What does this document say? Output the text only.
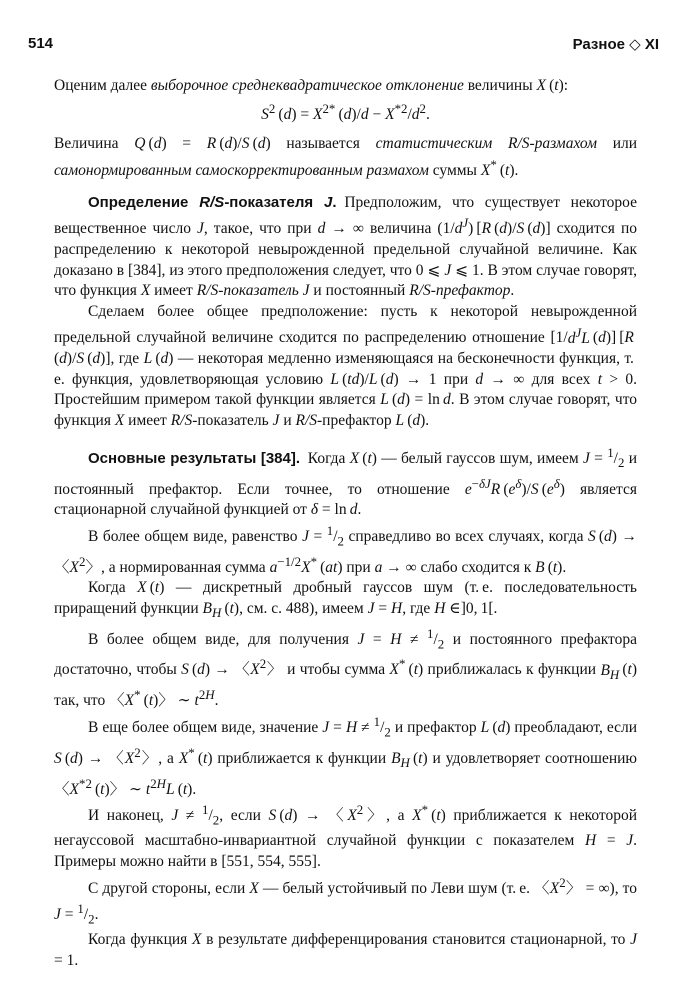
514	Разное ◇ XI

Оценим далее выборочное среднеквадратическое отклонение величины X (t):

$S^2$ $(d) = X^{2*}$ $(d)/d - X^{*2}/d^2$.

Величина Q (d) = R (d)/S (d) называется статистическим R/S-размахом или самонормированным самоскорректированным размахом суммы X* (t).

Определение R/S-показателя J.  Предположим, что существует некоторое вещественное число J, такое, что при d → ∞ величина $(1/d^J)$ [R (d)/S (d)] сходится по распределению к некоторой невырожденной предельной случайной величине. Как доказано в [384], из этого предположения следует, что 0 ⩽ J ⩽ 1. В этом случае говорят, что функция X имеет R/S-показатель J и постоянный R/S-префактор.

Сделаем более общее предположение: пусть к некоторой невырожденной предельной случайной величине сходится по распределению отношение [$1/d^JL$ (d)] [R (d)/S (d)], где L (d) — некоторая медленно изменяющаяся на бесконечности функция, т. е. функция, удовлетворяющая условию L (td)/L (d) → 1 при d → ∞ для всех t > 0. Простейшим примером такой функции является L (d) = ln d. В этом случае говорят, что функция X имеет R/S-показатель J и R/S-префактор L (d).

Основные результаты [384].  Когда X (t) — белый гауссов шум, имеем $J = ^1/_2$ и постоянный префактор. Если точнее, то отношение $e^{-\delta J}R$ $(e^\delta)/S$ $(e^\delta)$ является стационарной случайной функцией от δ = ln d.

В более общем виде, равенство $J = ^1/_2$ справедливо во всех случаях, когда S (d) → 〈$X^2$〉, а нормированная сумма $a^{-1/2}X^*$ (at) при a → ∞ слабо сходится к B (t).

Когда X (t) — дискретный дробный гауссов шум (т. е. последовательность приращений функции $B_H$ (t), см. с. 488), имеем J = H, где H ∈]0, 1[.

В более общем виде, для получения $J = H \ne ^1/_2$ и постоянного префактора достаточно, чтобы S (d) → 〈$X^2$〉 и чтобы сумма X* (t) приближалась к функции $B_H$ (t) так, что 〈X* (t)〉 ∼ $t^{2H}$.

В еще более общем виде, значение $J = H \ne ^1/_2$ и префактор L (d) преобладают, если S (d) → 〈$X^2$〉, а X* (t) приближается к функции $B_H$ (t) и удовлетворяет соотношению 〈$X^{*2}$ (t)〉 ∼ $t^{2H}L$ (t).

И наконец, $J \ne ^1/_2$, если S (d) → 〈$X^2$〉, а X* (t) приближается к некоторой негауссовой масштабно-инвариантной случайной функции с показателем H = J. Примеры можно найти в [551, 554, 555].

С другой стороны, если X — белый устойчивый по Леви шум (т. е. 〈$X^2$〉 = ∞), то $J = ^1/_2$.

Когда функция X в результате дифференцирования становится стационарной, то J = 1.
